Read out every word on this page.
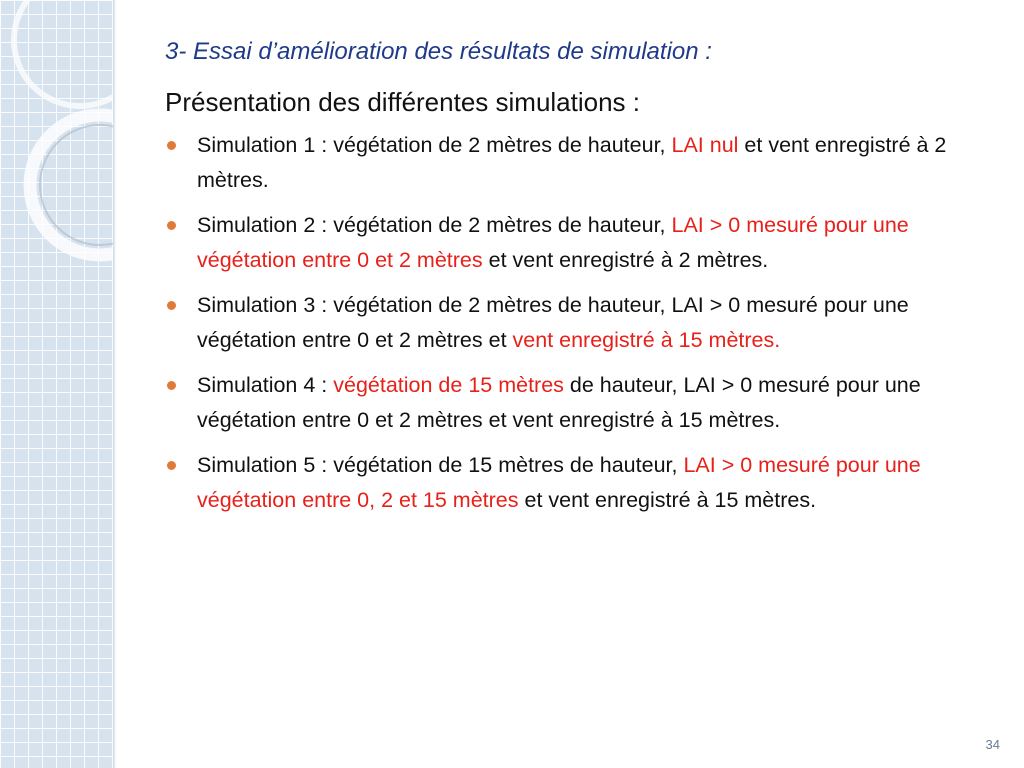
3- Essai d’amélioration des résultats de simulation :

Présentation des différentes simulations :

Simulation 1 : végétation de 2 mètres de hauteur, LAI nul et vent enregistré à 2 mètres.
Simulation 2 : végétation de 2 mètres de hauteur, LAI > 0 mesuré pour une végétation entre 0 et 2 mètres et vent enregistré à 2 mètres.
Simulation 3 : végétation de 2 mètres de hauteur, LAI > 0 mesuré pour une végétation entre 0 et 2 mètres et vent enregistré à 15 mètres.
Simulation 4 : végétation de 15 mètres de hauteur, LAI > 0 mesuré pour une végétation entre 0 et 2 mètres et vent enregistré à 15 mètres.
Simulation 5 : végétation de 15 mètres de hauteur, LAI > 0 mesuré pour une végétation entre 0, 2 et 15 mètres et vent enregistré à 15 mètres.
34
